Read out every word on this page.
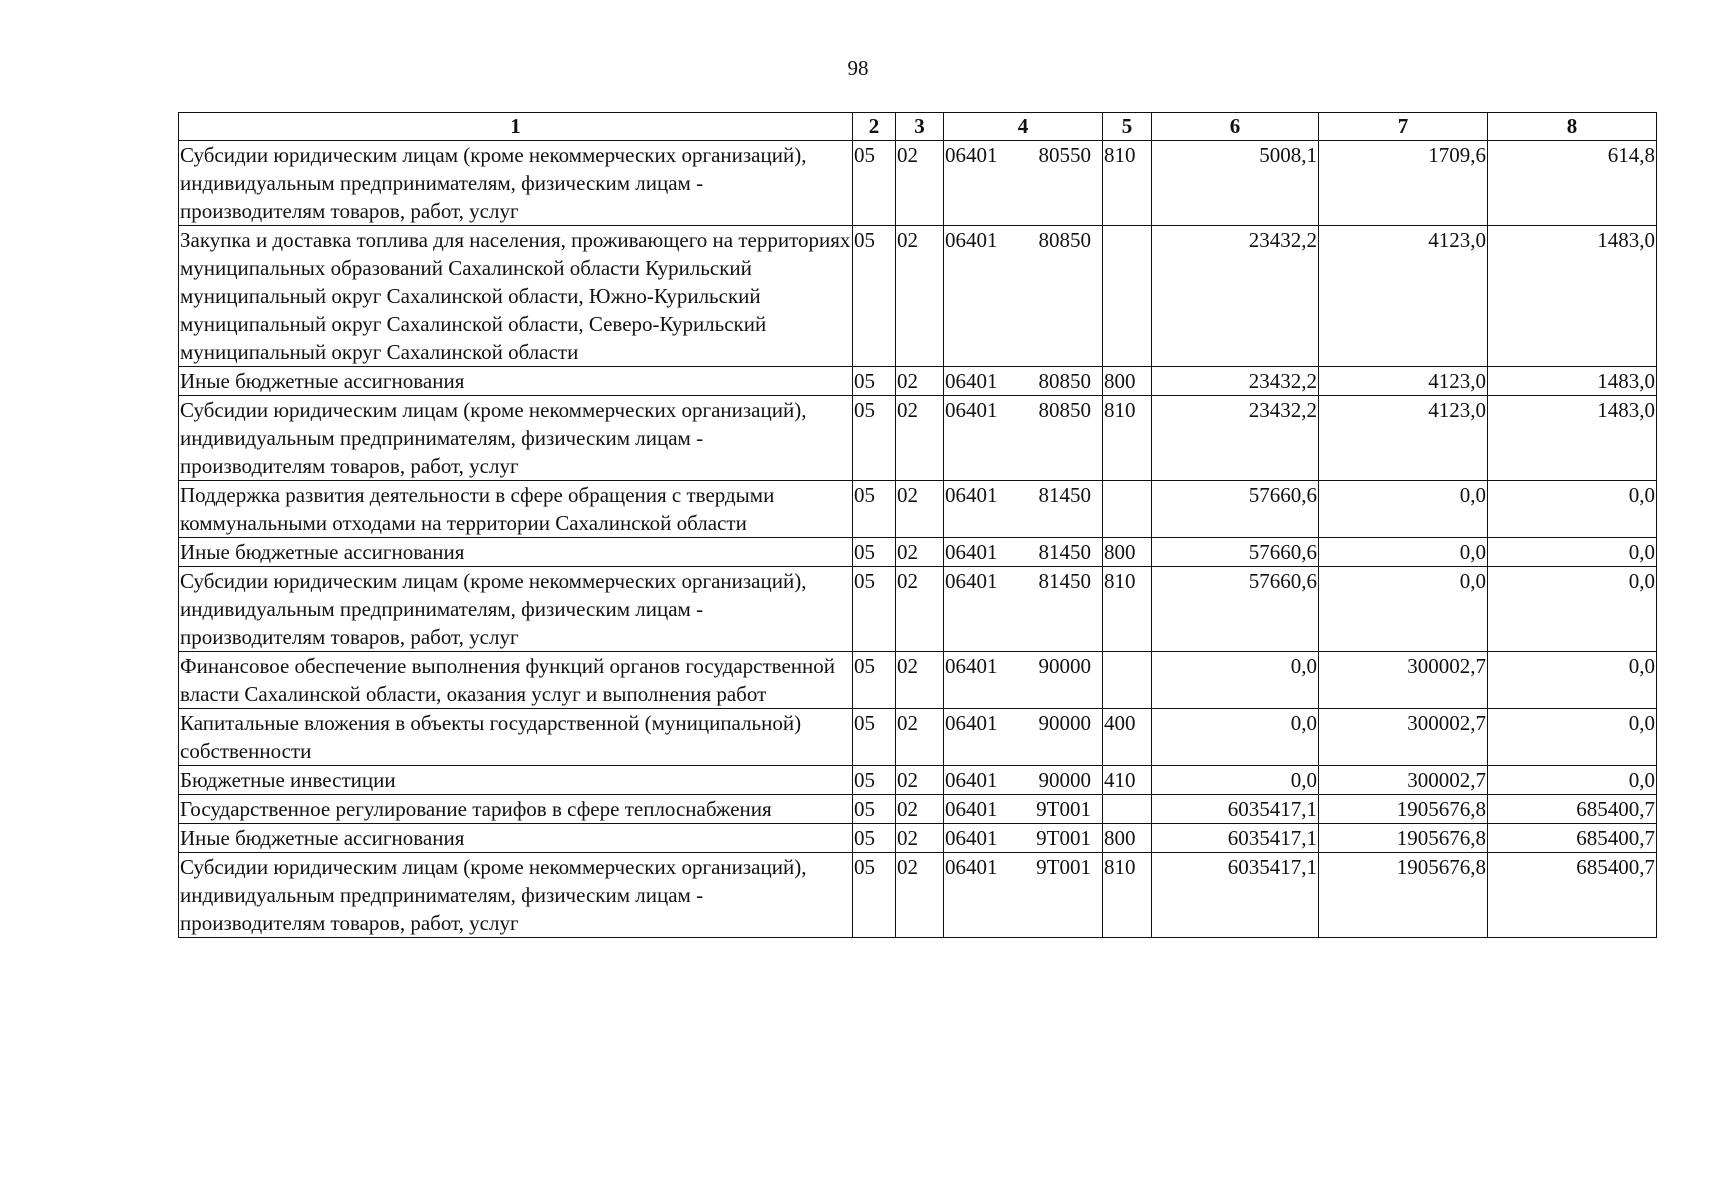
98
1	2	3	4	5	6	7	8
Субсидии юридическим лицам (кроме некоммерческих организаций), индивидуальным предпринимателям, физическим лицам - производителям товаров, работ, услуг	05	02	06401 80550	810	5008,1	1709,6	614,8
Закупка и доставка топлива для населения, проживающего на территориях муниципальных образований Сахалинской области Курильский муниципальный округ Сахалинской области, Южно-Курильский муниципальный округ Сахалинской области, Северо-Курильский муниципальный округ Сахалинской области	05	02	06401 80850		23432,2	4123,0	1483,0
Иные бюджетные ассигнования	05	02	06401 80850	800	23432,2	4123,0	1483,0
Субсидии юридическим лицам (кроме некоммерческих организаций), индивидуальным предпринимателям, физическим лицам - производителям товаров, работ, услуг	05	02	06401 80850	810	23432,2	4123,0	1483,0
Поддержка развития деятельности в сфере обращения с твердыми коммунальными отходами на территории Сахалинской области	05	02	06401 81450		57660,6	0,0	0,0
Иные бюджетные ассигнования	05	02	06401 81450	800	57660,6	0,0	0,0
Субсидии юридическим лицам (кроме некоммерческих организаций), индивидуальным предпринимателям, физическим лицам - производителям товаров, работ, услуг	05	02	06401 81450	810	57660,6	0,0	0,0
Финансовое обеспечение выполнения функций органов государственной власти Сахалинской области, оказания услуг и выполнения работ	05	02	06401 90000		0,0	300002,7	0,0
Капитальные вложения в объекты государственной (муниципальной) собственности	05	02	06401 90000	400	0,0	300002,7	0,0
Бюджетные инвестиции	05	02	06401 90000	410	0,0	300002,7	0,0
Государственное регулирование тарифов в сфере теплоснабжения	05	02	06401 9Т001		6035417,1	1905676,8	685400,7
Иные бюджетные ассигнования	05	02	06401 9Т001	800	6035417,1	1905676,8	685400,7
Субсидии юридическим лицам (кроме некоммерческих организаций), индивидуальным предпринимателям, физическим лицам - производителям товаров, работ, услуг	05	02	06401 9Т001	810	6035417,1	1905676,8	685400,7
